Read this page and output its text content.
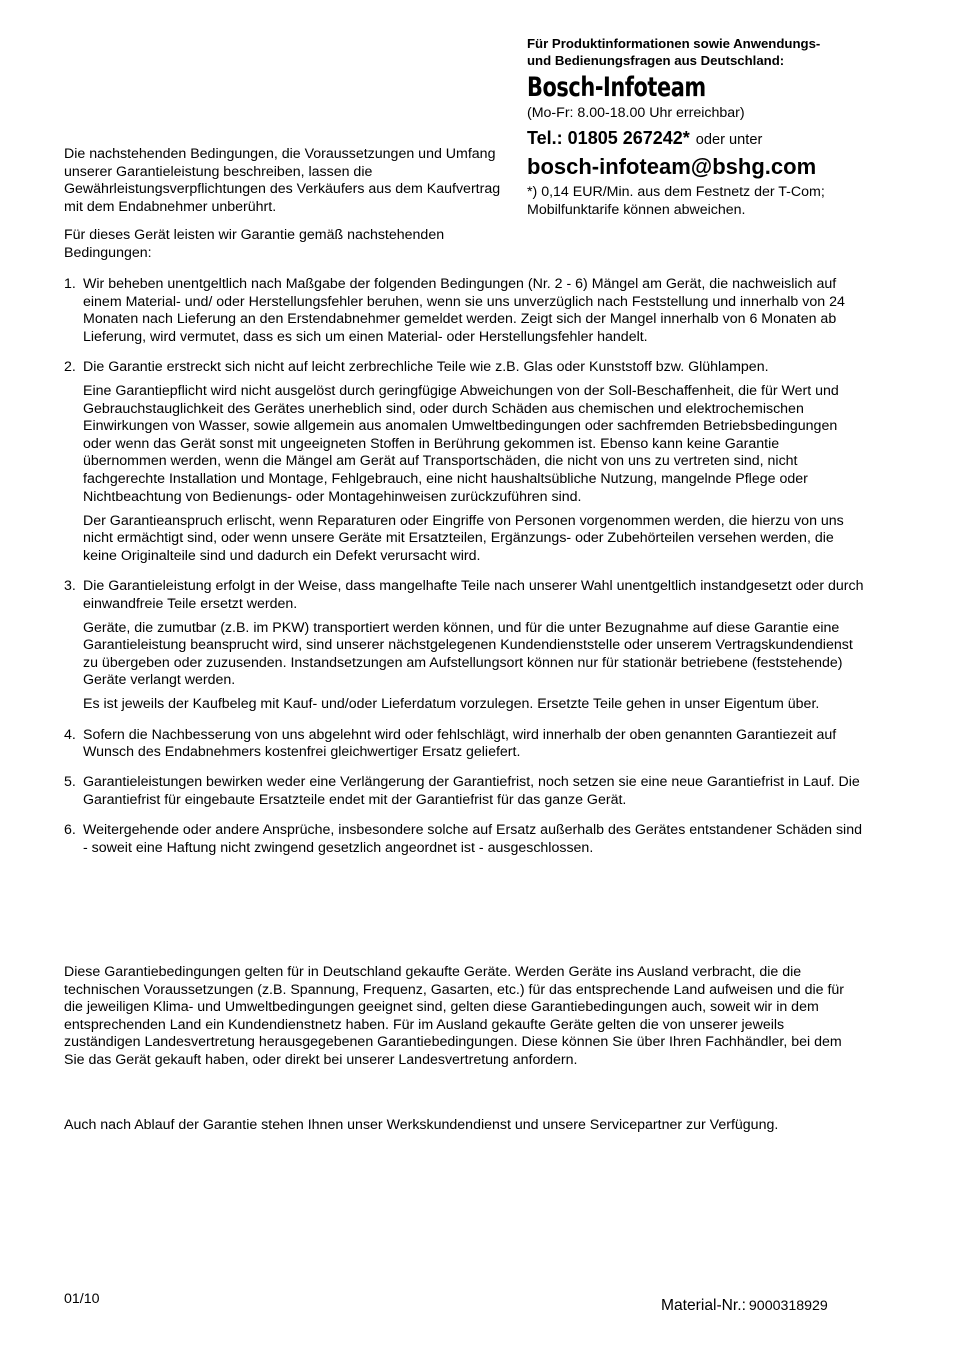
Für Produktinformationen sowie Anwendungs-

und Bedienungsfragen aus Deutschland:

Bosch-Infoteam
(Mo-Fr: 8.00-18.00 Uhr erreichbar)
Tel.: 01805 267242* oder unter
bosch-infoteam@bshg.com
*) 0,14 EUR/Min. aus dem Festnetz der T-Com;
Mobilfunktarife können abweichen.

Die nachstehenden Bedingungen, die Voraussetzungen und Umfang unserer Garantieleistung beschreiben, lassen die Gewährleistungsverpflichtungen des Verkäufers aus dem Kaufvertrag mit dem Endabnehmer unberührt.

Für dieses Gerät leisten wir Garantie gemäß nachstehenden Bedingungen:

1. Wir beheben unentgeltlich nach Maßgabe der folgenden Bedingungen (Nr. 2 - 6) Mängel am Gerät, die nachweislich auf einem Material- und/ oder Herstellungsfehler beruhen, wenn sie uns unverzüglich nach Feststellung und innerhalb von 24 Monaten nach Lieferung an den Erstendabnehmer gemeldet werden. Zeigt sich der Mangel innerhalb von 6 Monaten ab Lieferung, wird vermutet, dass es sich um einen Material- oder Herstellungsfehler handelt.

2. Die Garantie erstreckt sich nicht auf leicht zerbrechliche Teile wie z.B. Glas oder Kunststoff bzw. Glühlampen.

Eine Garantiepflicht wird nicht ausgelöst durch geringfügige Abweichungen von der Soll-Beschaffenheit, die für Wert und Gebrauchstauglichkeit des Gerätes unerheblich sind, oder durch Schäden aus chemischen und elektrochemischen Einwirkungen von Wasser, sowie allgemein aus anomalen Umweltbedingungen oder sachfremden Betriebsbedingungen oder wenn das Gerät sonst mit ungeeigneten Stoffen in Berührung gekommen ist. Ebenso kann keine Garantie übernommen werden, wenn die Mängel am Gerät auf Transportschäden, die nicht von uns zu vertreten sind, nicht fachgerechte Installation und Montage, Fehlgebrauch, eine nicht haushaltsübliche Nutzung, mangelnde Pflege oder Nichtbeachtung von Bedienungs- oder Montagehinweisen zurückzuführen sind.

Der Garantieanspruch erlischt, wenn Reparaturen oder Eingriffe von Personen vorgenommen werden, die hierzu von uns nicht ermächtigt sind, oder wenn unsere Geräte mit Ersatzteilen, Ergänzungs- oder Zubehörteilen versehen werden, die keine Originalteile sind und dadurch ein Defekt verursacht wird.

3. Die Garantieleistung erfolgt in der Weise, dass mangelhafte Teile nach unserer Wahl unentgeltlich instandgesetzt oder durch einwandfreie Teile ersetzt werden.

Geräte, die zumutbar (z.B. im PKW) transportiert werden können, und für die unter Bezugnahme auf diese Garantie eine Garantieleistung beansprucht wird, sind unserer nächstgelegenen Kundendienststelle oder unserem Vertragskundendienst zu übergeben oder zuzusenden. Instandsetzungen am Aufstellungsort können nur für stationär betriebene (feststehende) Geräte verlangt werden.

Es ist jeweils der Kaufbeleg mit Kauf- und/oder Lieferdatum vorzulegen. Ersetzte Teile gehen in unser Eigentum über.

4. Sofern die Nachbesserung von uns abgelehnt wird oder fehlschlägt, wird innerhalb der oben genannten Garantiezeit auf Wunsch des Endabnehmers kostenfrei gleichwertiger Ersatz geliefert.

5. Garantieleistungen bewirken weder eine Verlängerung der Garantiefrist, noch setzen sie eine neue Garantiefrist in Lauf. Die Garantiefrist für eingebaute Ersatzteile endet mit der Garantiefrist für das ganze Gerät.

6. Weitergehende oder andere Ansprüche, insbesondere solche auf Ersatz außerhalb des Gerätes entstandener Schäden sind - soweit eine Haftung nicht zwingend gesetzlich angeordnet ist - ausgeschlossen.

Diese Garantiebedingungen gelten für in Deutschland gekaufte Geräte. Werden Geräte ins Ausland verbracht, die die technischen Voraussetzungen (z.B. Spannung, Frequenz, Gasarten, etc.) für das entsprechende Land aufweisen und die für die jeweiligen Klima- und Umweltbedingungen geeignet sind, gelten diese Garantiebedingungen auch, soweit wir in dem entsprechenden Land ein Kundendienstnetz haben. Für im Ausland gekaufte Geräte gelten die von unserer jeweils zuständigen Landesvertretung herausgegebenen Garantiebedingungen. Diese können Sie über Ihren Fachhändler, bei dem Sie das Gerät gekauft haben, oder direkt bei unserer Landesvertretung anfordern.

Auch nach Ablauf der Garantie stehen Ihnen unser Werkskundendienst und unsere Servicepartner zur Verfügung.

01/10	Material-Nr.: 9000318929
